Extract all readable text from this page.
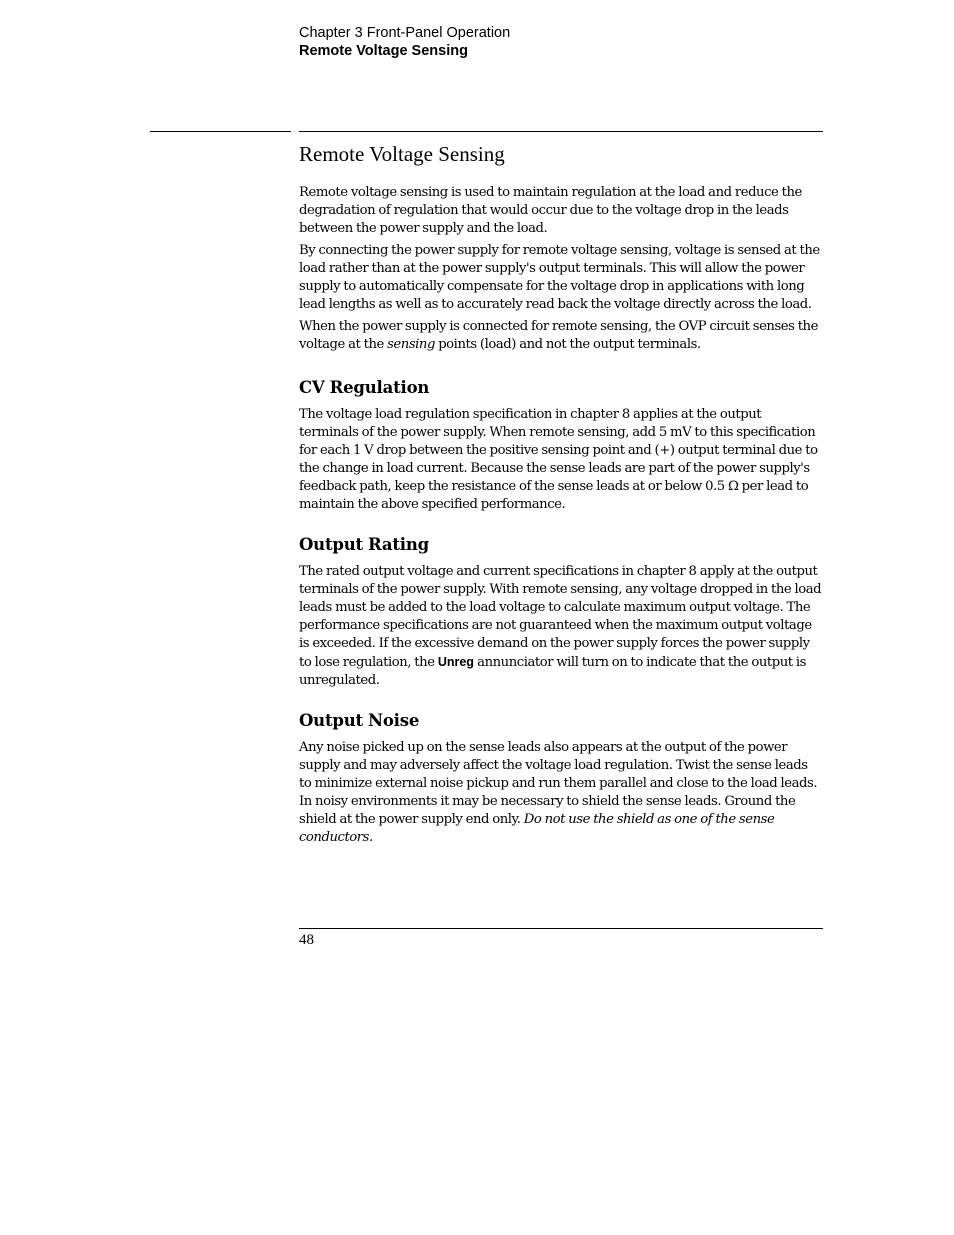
Chapter 3 Front-Panel Operation
Remote Voltage Sensing
Remote Voltage Sensing

Remote voltage sensing is used to maintain regulation at the load and reduce the degradation of regulation that would occur due to the voltage drop in the leads between the power supply and the load.

By connecting the power supply for remote voltage sensing, voltage is sensed at the load rather than at the power supply's output terminals. This will allow the power supply to automatically compensate for the voltage drop in applications with long lead lengths as well as to accurately read back the voltage directly across the load.

When the power supply is connected for remote sensing, the OVP circuit senses the voltage at the sensing points (load) and not the output terminals.

CV Regulation

The voltage load regulation specification in chapter 8 applies at the output terminals of the power supply. When remote sensing, add 5 mV to this specification for each 1 V drop between the positive sensing point and (+) output terminal due to the change in load current. Because the sense leads are part of the power supply's feedback path, keep the resistance of the sense leads at or below 0.5 Ω per lead to maintain the above specified performance.

Output Rating

The rated output voltage and current specifications in chapter 8 apply at the output terminals of the power supply. With remote sensing, any voltage dropped in the load leads must be added to the load voltage to calculate maximum output voltage. The performance specifications are not guaranteed when the maximum output voltage is exceeded. If the excessive demand on the power supply forces the power supply to lose regulation, the Unreg annunciator will turn on to indicate that the output is unregulated.

Output Noise

Any noise picked up on the sense leads also appears at the output of the power supply and may adversely affect the voltage load regulation. Twist the sense leads to minimize external noise pickup and run them parallel and close to the load leads. In noisy environments it may be necessary to shield the sense leads. Ground the shield at the power supply end only. Do not use the shield as one of the sense conductors.

48
